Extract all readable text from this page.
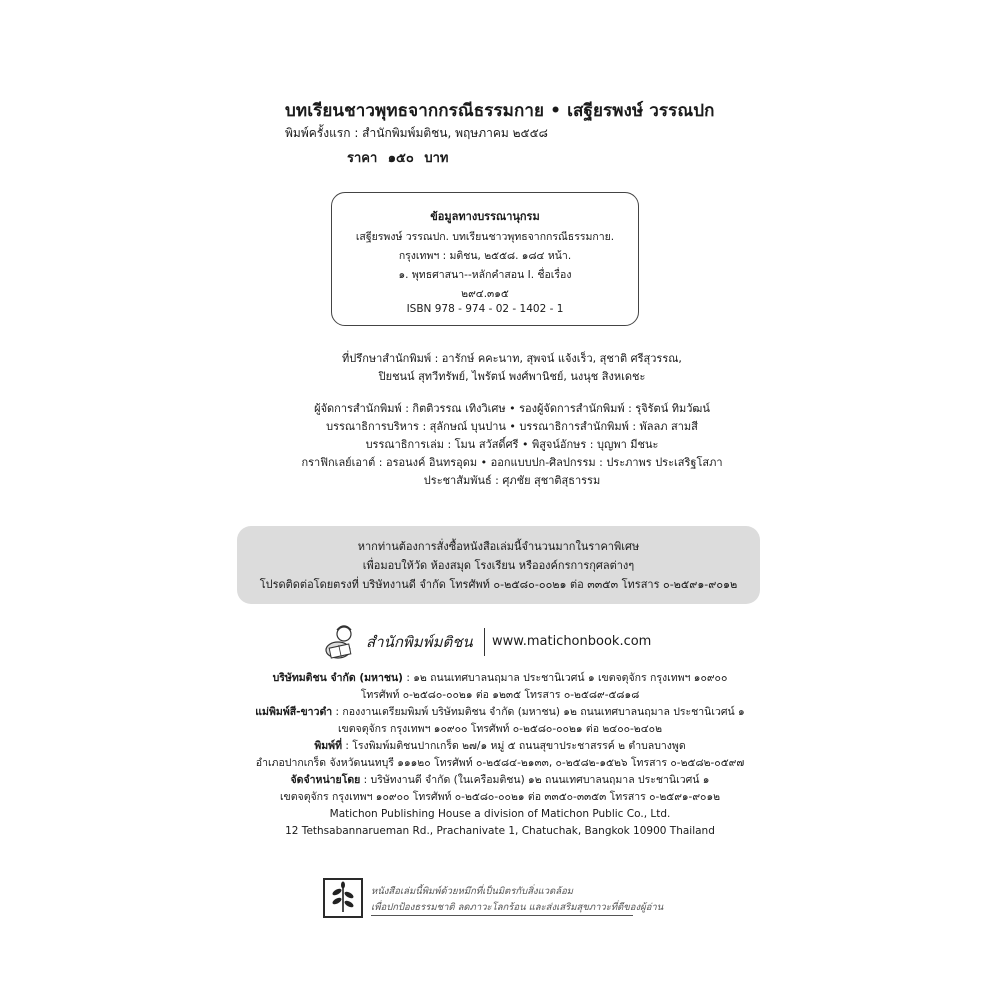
บทเรียนชาวพุทธจากกรณีธรรมกาย • เสฐียรพงษ์ วรรณปก
พิมพ์ครั้งแรก : สำนักพิมพ์มติชน, พฤษภาคม ๒๕๕๘
ราคา ๑๕๐ บาท
ข้อมูลทางบรรณานุกรม
เสฐียรพงษ์ วรรณปก. บทเรียนชาวพุทธจากกรณีธรรมกาย.
กรุงเทพฯ : มติชน, ๒๕๕๘. ๑๘๔ หน้า.
๑. พุทธศาสนา--หลักคำสอน I. ชื่อเรื่อง
๒๙๔.๓๑๕
ISBN 978 - 974 - 02 - 1402 - 1
ที่ปรึกษาสำนักพิมพ์ : อารักษ์ คคะนาท, สุพจน์ แจ้งเร็ว, สุชาติ ศรีสุวรรณ,
ปิยชนน์ สุทวีทรัพย์, ไพรัตน์ พงศ์พานิชย์, นงนุช สิงหเดชะ
ผู้จัดการสำนักพิมพ์ : กิตติวรรณ เทิงวิเศษ • รองผู้จัดการสำนักพิมพ์ : รุจิรัตน์ ทิมวัฒน์
บรรณาธิการบริหาร : สุลักษณ์ บุนปาน • บรรณาธิการสำนักพิมพ์ : พัลลภ สามสี
บรรณาธิการเล่ม : โมน สวัสดิ์ศรี • พิสูจน์อักษร : บุญพา มีชนะ
กราฟิกเลย์เอาต์ : อรอนงค์ อินทรอุดม • ออกแบบปก-ศิลปกรรม : ประภาพร ประเสริฐโสภา
ประชาสัมพันธ์ : ศุภชัย สุชาติสุธารรม
หากท่านต้องการสั่งซื้อหนังสือเล่มนี้จำนวนมากในราคาพิเศษ
เพื่อมอบให้วัด ห้องสมุด โรงเรียน หรือองค์กรการกุศลต่างๆ
โปรดติดต่อโดยตรงที่ บริษัทงานดี จำกัด โทรศัพท์ ๐-๒๕๘๐-๐๐๒๑ ต่อ ๓๓๕๓ โทรสาร ๐-๒๕๙๑-๙๐๑๒
สำนักพิมพ์มติชน www.matichonbook.com
บริษัทมติชน จำกัด (มหาชน) : ๑๒ ถนนเทศบาลนฤมาล ประชานิเวศน์ ๑ เขตจตุจักร กรุงเทพฯ ๑๐๙๐๐
โทรศัพท์ ๐-๒๕๘๐-๐๐๒๑ ต่อ ๑๒๓๕ โทรสาร ๐-๒๕๘๙-๕๘๑๘
แม่พิมพ์สี-ขาวดำ : กองงานเตรียมพิมพ์ บริษัทมติชน จำกัด (มหาชน) ๑๒ ถนนเทศบาลนฤมาล ประชานิเวศน์ ๑
เขตจตุจักร กรุงเทพฯ ๑๐๙๐๐ โทรศัพท์ ๐-๒๕๘๐-๐๐๒๑ ต่อ ๒๔๐๐-๒๔๐๒
พิมพ์ที่ : โรงพิมพ์มติชนปากเกร็ด ๒๗/๑ หมู่ ๕ ถนนสุขาประชาสรรค์ ๒ ตำบลบางพูด
อำเภอปากเกร็ด จังหวัดนนทบุรี ๑๑๑๒๐ โทรศัพท์ ๐-๒๕๘๔-๒๑๓๓, ๐-๒๕๘๒-๑๕๒๖ โทรสาร ๐-๒๕๘๒-๐๕๙๗
จัดจำหน่ายโดย : บริษัทงานดี จำกัด (ในเครือมติชน) ๑๒ ถนนเทศบาลนฤมาล ประชานิเวศน์ ๑
เขตจตุจักร กรุงเทพฯ ๑๐๙๐๐ โทรศัพท์ ๐-๒๕๘๐-๐๐๒๑ ต่อ ๓๓๕๐-๓๓๕๓ โทรสาร ๐-๒๕๙๑-๙๐๑๒
Matichon Publishing House a division of Matichon Public Co., Ltd.
12 Tethsabannarueman Rd., Prachanivate 1, Chatuchak, Bangkok 10900 Thailand
หนังสือเล่มนี้พิมพ์ด้วยหมึกที่เป็นมิตรกับสิ่งแวดล้อม
เพื่อปกป้องธรรมชาติ ลดภาวะโลกร้อน และส่งเสริมสุขภาวะที่ดีของผู้อ่าน
